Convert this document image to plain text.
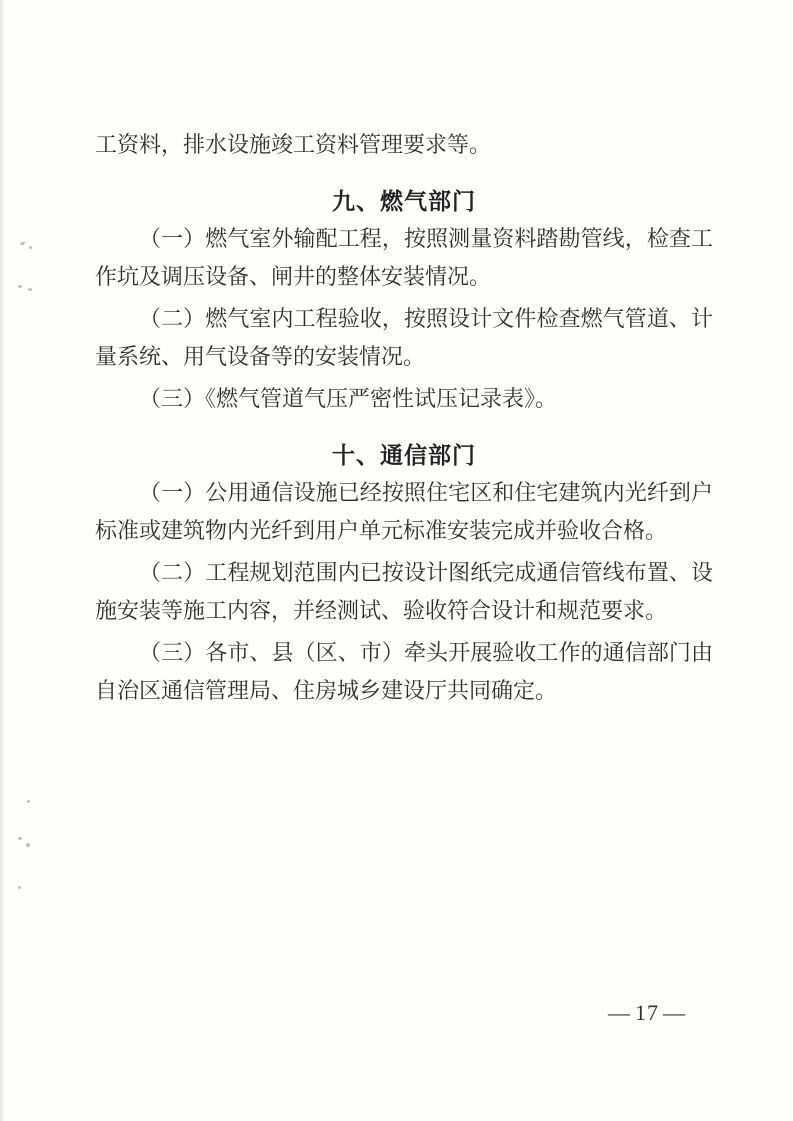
工资料，排水设施竣工资料管理要求等。

九、燃气部门

（一）燃气室外输配工程，按照测量资料踏勘管线，检查工作坑及调压设备、闸井的整体安装情况。

（二）燃气室内工程验收，按照设计文件检查燃气管道、计量系统、用气设备等的安装情况。

（三）《燃气管道气压严密性试压记录表》。

十、通信部门

（一）公用通信设施已经按照住宅区和住宅建筑内光纤到户标准或建筑物内光纤到用户单元标准安装完成并验收合格。

（二）工程规划范围内已按设计图纸完成通信管线布置、设施安装等施工内容，并经测试、验收符合设计和规范要求。

（三）各市、县（区、市）牵头开展验收工作的通信部门由自治区通信管理局、住房城乡建设厅共同确定。

— 17 —
